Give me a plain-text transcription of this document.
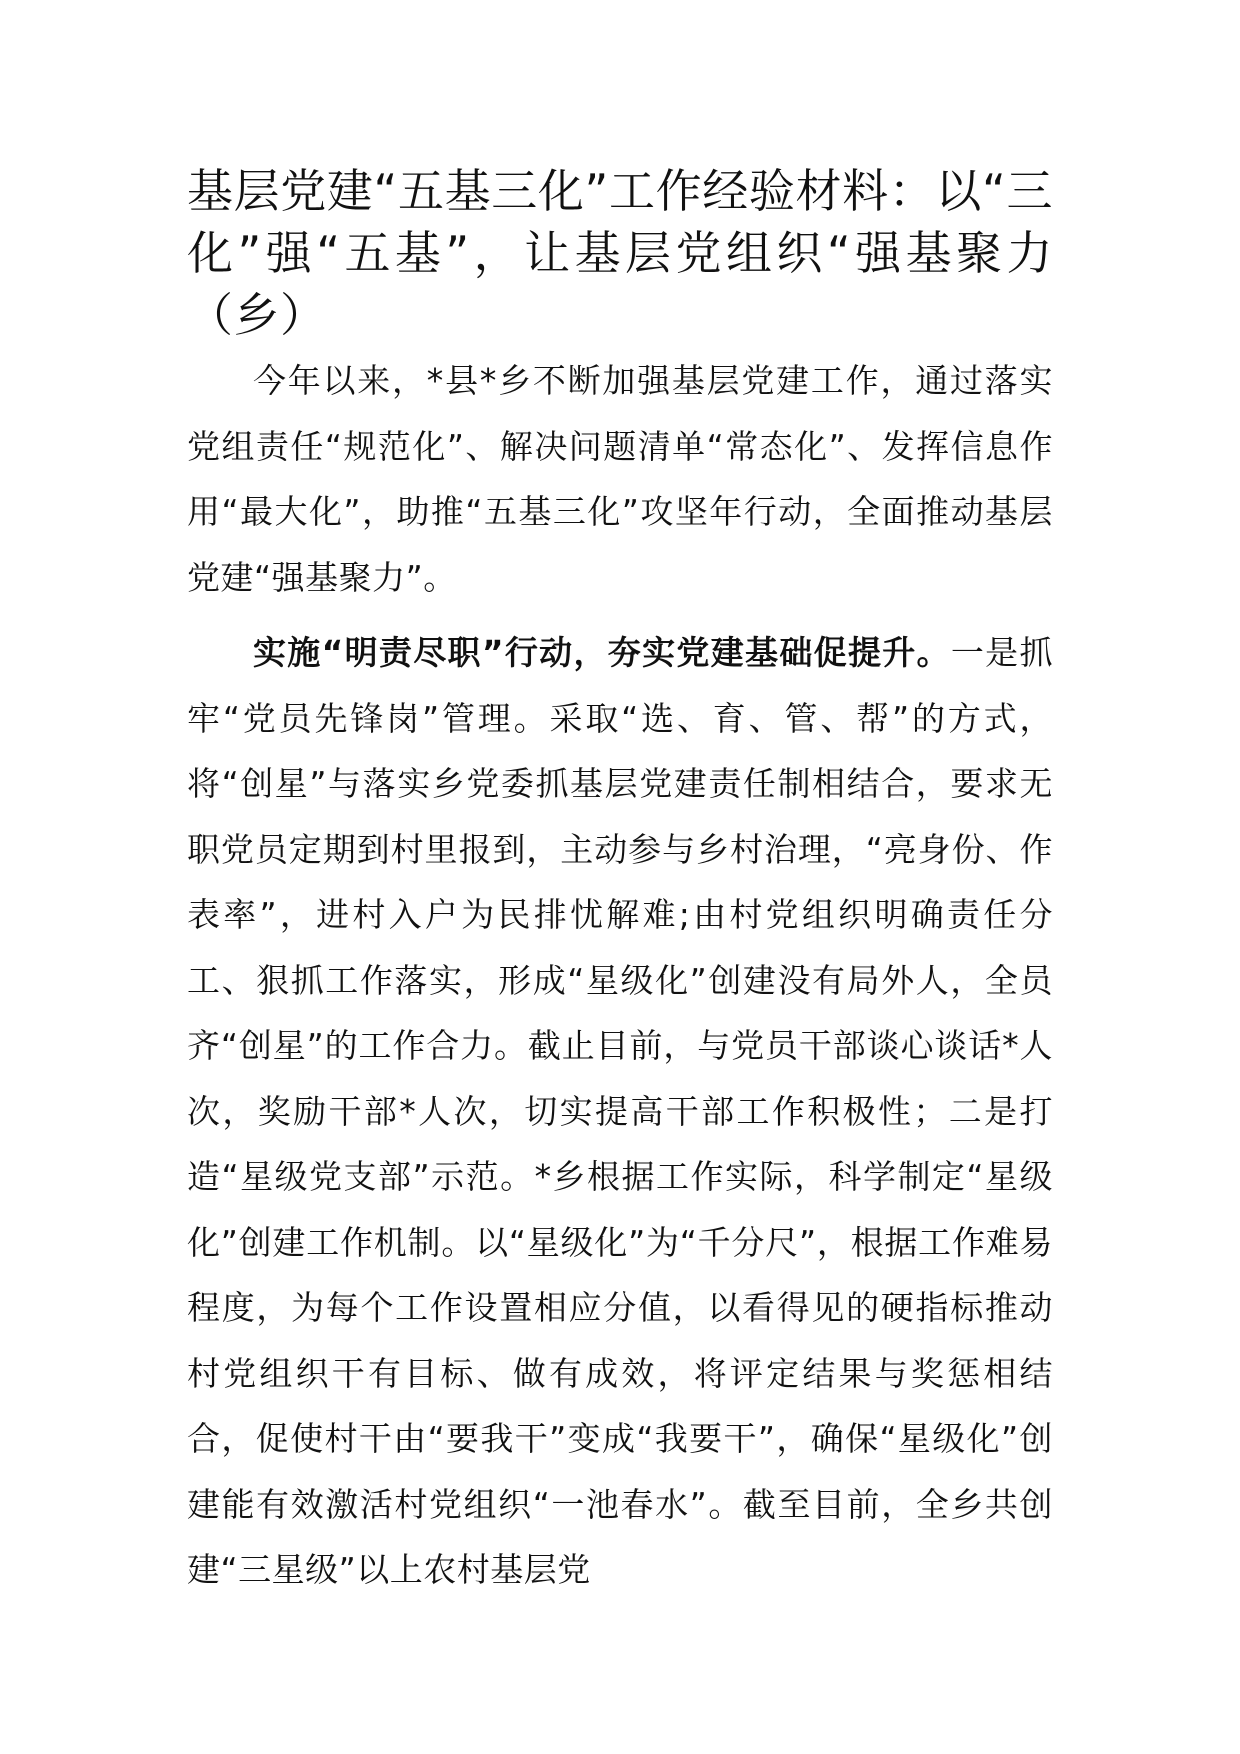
基层党建“五基三化”工作经验材料：以“三化”强“五基”，让基层党组织“强基聚力（乡）

今年以来，*县*乡不断加强基层党建工作，通过落实党组责任“规范化”、解决问题清单“常态化”、发挥信息作用“最大化”，助推“五基三化”攻坚年行动，全面推动基层党建“强基聚力”。

实施“明责尽职”行动，夯实党建基础促提升。一是抓牢“党员先锋岗”管理。采取“选、育、管、帮”的方式，将“创星”与落实乡党委抓基层党建责任制相结合，要求无职党员定期到村里报到，主动参与乡村治理，“亮身份、作表率”，进村入户为民排忧解难;由村党组织明确责任分工、狠抓工作落实，形成“星级化”创建没有局外人，全员齐“创星”的工作合力。截止目前，与党员干部谈心谈话*人次，奖励干部*人次，切实提高干部工作积极性；二是打造“星级党支部”示范。*乡根据工作实际，科学制定“星级化”创建工作机制。以“星级化”为“千分尺”，根据工作难易程度，为每个工作设置相应分值，以看得见的硬指标推动村党组织干有目标、做有成效，将评定结果与奖惩相结合，促使村干由“要我干”变成“我要干”，确保“星级化”创建能有效激活村党组织“一池春水”。截至目前，全乡共创建“三星级”以上农村基层党
